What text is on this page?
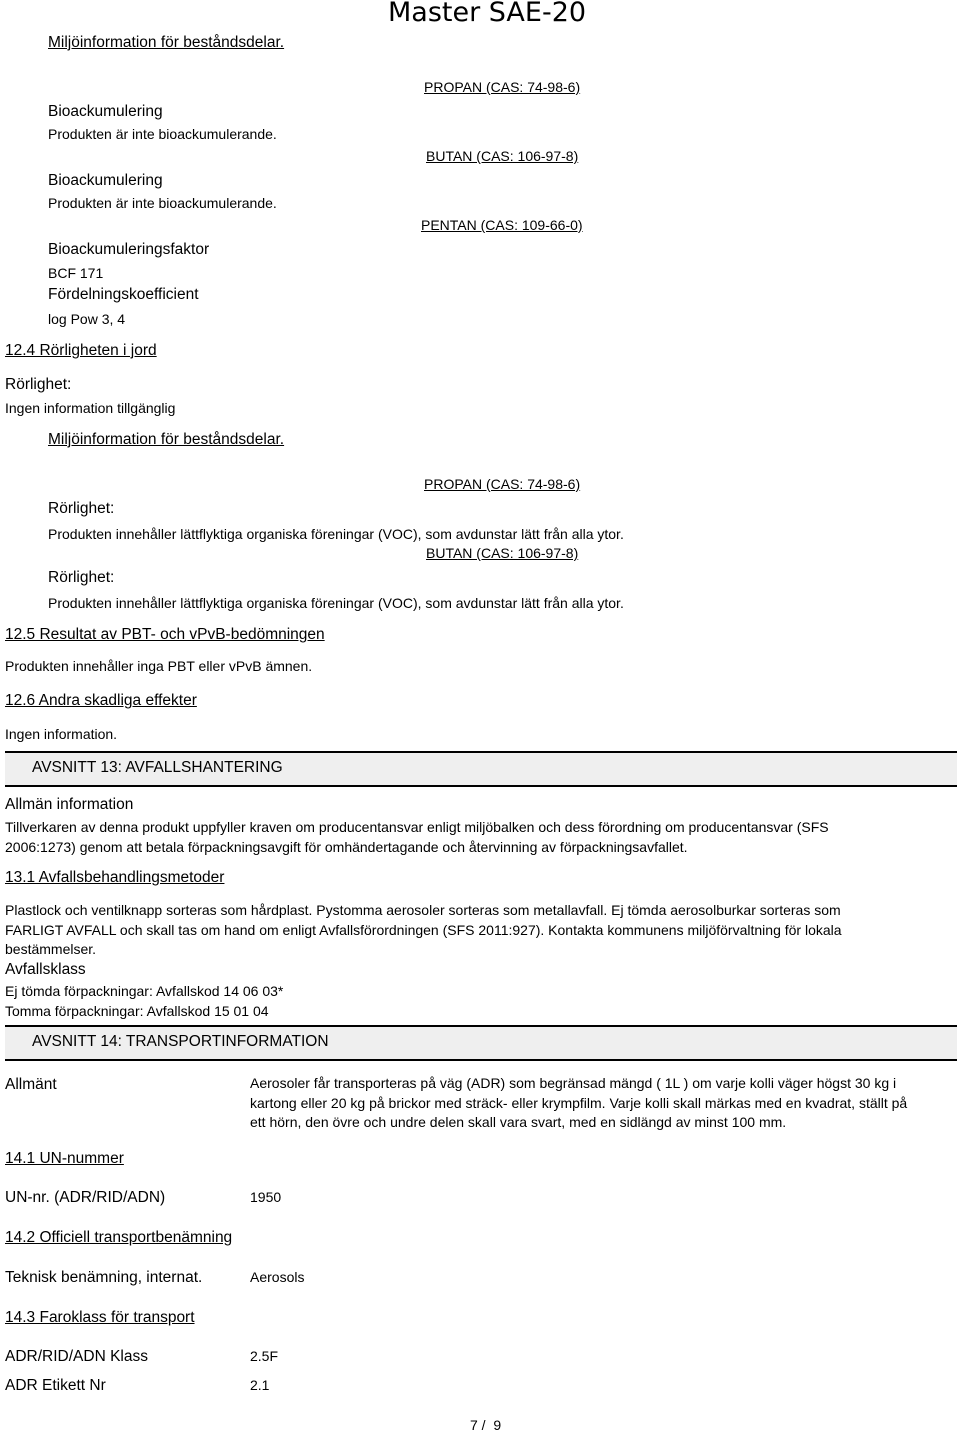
Master SAE-20
Miljöinformation för beståndsdelar.
PROPAN (CAS: 74-98-6)
Bioackumulering
Produkten är inte bioackumulerande.
BUTAN (CAS: 106-97-8)
Bioackumulering
Produkten är inte bioackumulerande.
PENTAN (CAS: 109-66-0)
Bioackumuleringsfaktor
BCF 171
Fördelningskoefficient
log Pow 3, 4
12.4 Rörligheten i jord
Rörlighet:
Ingen information tillgänglig
Miljöinformation för beståndsdelar.
PROPAN (CAS: 74-98-6)
Rörlighet:
Produkten innehåller lättflyktiga organiska föreningar (VOC), som avdunstar lätt från alla ytor.
BUTAN (CAS: 106-97-8)
Rörlighet:
Produkten innehåller lättflyktiga organiska föreningar (VOC), som avdunstar lätt från alla ytor.
12.5 Resultat av PBT- och vPvB-bedömningen
Produkten innehåller inga PBT eller vPvB ämnen.
12.6 Andra skadliga effekter
Ingen information.
AVSNITT 13: AVFALLSHANTERING
Allmän information
Tillverkaren av denna produkt uppfyller kraven om producentansvar enligt miljöbalken och dess förordning om producentansvar (SFS 2006:1273) genom att betala förpackningsavgift för omhändertagande och återvinning av förpackningsavfallet.
13.1 Avfallsbehandlingsmetoder
Plastlock och ventilknapp sorteras som hårdplast. Pystomma aerosoler sorteras som metallavfall. Ej tömda aerosolburkar sorteras som FARLIGT AVFALL och skall tas om hand om enligt Avfallsförordningen (SFS 2011:927). Kontakta kommunens miljöförvaltning för lokala bestämmelser.
Avfallsklass
Ej tömda förpackningar: Avfallskod 14 06 03*
Tomma förpackningar: Avfallskod 15 01 04
AVSNITT 14: TRANSPORTINFORMATION
Allmänt	Aerosoler får transporteras på väg (ADR) som begränsad mängd ( 1L ) om varje kolli väger högst 30 kg i kartong eller 20 kg på brickor med sträck- eller krympfilm. Varje kolli skall märkas med en kvadrat, ställt på ett hörn, den övre och undre delen skall vara svart, med en sidlängd av minst 100 mm.
14.1 UN-nummer
UN-nr. (ADR/RID/ADN)	1950
14.2 Officiell transportbenämning
Teknisk benämning, internat.	Aerosols
14.3 Faroklass för transport
ADR/RID/ADN Klass	2.5F
ADR Etikett Nr	2.1
7 /  9
